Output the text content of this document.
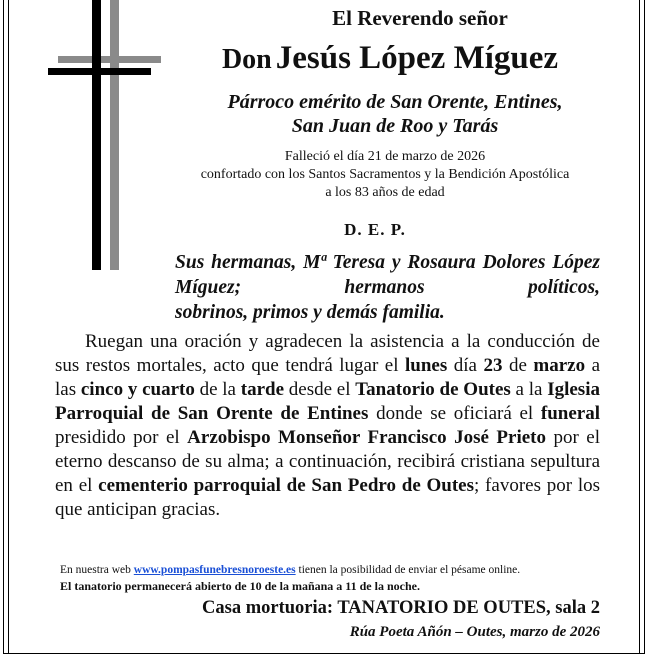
El Reverendo señor
Don Jesús López Míguez
Párroco emérito de San Orente, Entines,
San Juan de Roo y Tarás
Falleció el día 21 de marzo de 2026
confortado con los Santos Sacramentos y la Bendición Apostólica
a los 83 años de edad
D. E. P.
Sus hermanas, Mª Teresa y Rosaura Dolores López Míguez; hermanos políticos,
sobrinos, primos y demás familia.

Ruegan una oración y agradecen la asistencia a la conducción de sus restos mortales, acto que tendrá lugar el lunes día 23 de marzo a las cinco y cuarto de la tarde desde el Tanatorio de Outes a la Iglesia Parroquial de San Orente de Entines donde se oficiará el funeral presidido por el Arzobispo Monseñor Francisco José Prieto por el eterno descanso de su alma; a continuación, recibirá cristiana sepultura en el cementerio parroquial de San Pedro de Outes; favores por los que anticipan gracias.

En nuestra web www.pompasfunebresnoroeste.es tienen la posibilidad de enviar el pésame online.
El tanatorio permanecerá abierto de 10 de la mañana a 11 de la noche.
Casa mortuoria: TANATORIO DE OUTES, sala 2
Rúa Poeta Añón – Outes, marzo de 2026
